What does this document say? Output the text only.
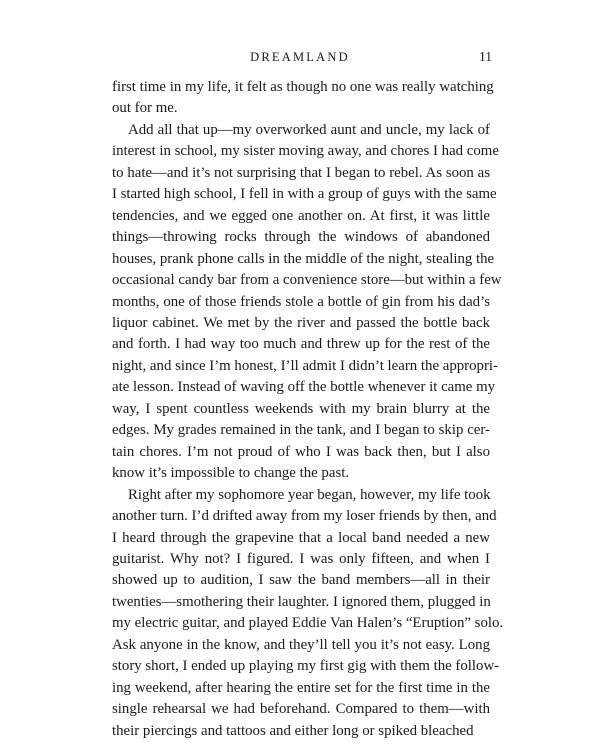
DREAMLAND	11

first time in my life, it felt as though no one was really watching
out for me.

Add all that up—my overworked aunt and uncle, my lack of
interest in school, my sister moving away, and chores I had come
to hate—and it’s not surprising that I began to rebel. As soon as
I started high school, I fell in with a group of guys with the same
tendencies, and we egged one another on. At first, it was little
things—throwing rocks through the windows of abandoned
houses, prank phone calls in the middle of the night, stealing the
occasional candy bar from a convenience store—but within a few
months, one of those friends stole a bottle of gin from his dad’s
liquor cabinet. We met by the river and passed the bottle back
and forth. I had way too much and threw up for the rest of the
night, and since I’m honest, I’ll admit I didn’t learn the appropri-
ate lesson. Instead of waving off the bottle whenever it came my
way, I spent countless weekends with my brain blurry at the
edges. My grades remained in the tank, and I began to skip cer-
tain chores. I’m not proud of who I was back then, but I also
know it’s impossible to change the past.

Right after my sophomore year began, however, my life took
another turn. I’d drifted away from my loser friends by then, and
I heard through the grapevine that a local band needed a new
guitarist. Why not? I figured. I was only fifteen, and when I
showed up to audition, I saw the band members—all in their
twenties—smothering their laughter. I ignored them, plugged in
my electric guitar, and played Eddie Van Halen’s “Eruption” solo.
Ask anyone in the know, and they’ll tell you it’s not easy. Long
story short, I ended up playing my first gig with them the follow-
ing weekend, after hearing the entire set for the first time in the
single rehearsal we had beforehand. Compared to them—with
their piercings and tattoos and either long or spiked bleached
